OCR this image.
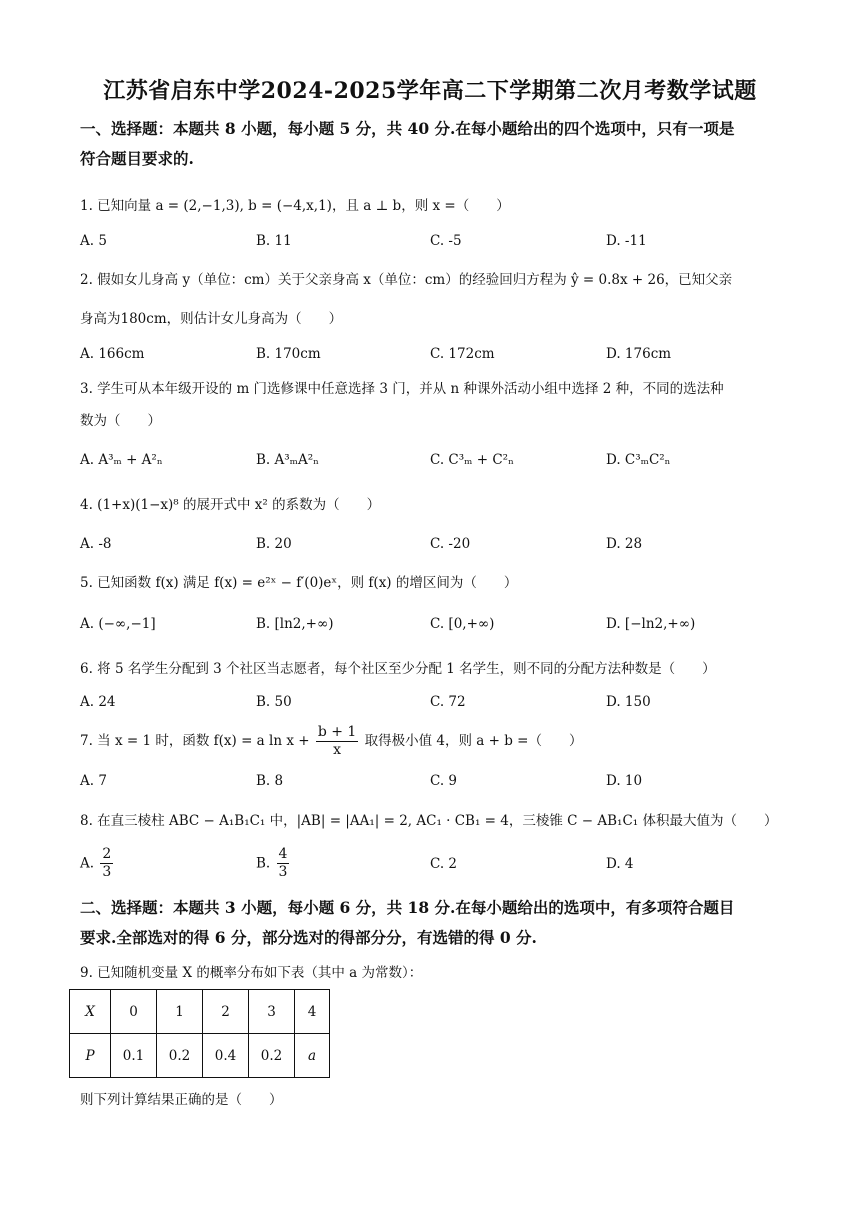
江苏省启东中学2024-2025学年高二下学期第二次月考数学试题
一、选择题：本题共 8 小题，每小题 5 分，共 40 分.在每小题给出的四个选项中，只有一项是
符合题目要求的.
1. 已知向量 a = (2,−1,3), b = (−4,x,1)，且 a ⊥ b，则 x =（　　）
A. 5	B. 11	C. -5	D. -11
2. 假如女儿身高 y（单位：cm）关于父亲身高 x（单位：cm）的经验回归方程为 ŷ = 0.8x + 26，已知父亲
身高为180cm，则估计女儿身高为（　　）
A. 166cm	B. 170cm	C. 172cm	D. 176cm
3. 学生可从本年级开设的 m 门选修课中任意选择 3 门，并从 n 种课外活动小组中选择 2 种，不同的选法种
数为（　　）
A. A³ₘ + A²ₙ	B. A³ₘA²ₙ	C. C³ₘ + C²ₙ	D. C³ₘC²ₙ
4. (1+x)(1−x)⁸ 的展开式中 x² 的系数为（　　）
A. -8	B. 20	C. -20	D. 28
5. 已知函数 f(x) 满足 f(x) = e²ˣ − f′(0)eˣ，则 f(x) 的增区间为（　　）
A. (−∞,−1]	B. [ln2,+∞)	C. [0,+∞)	D. [−ln2,+∞)
6. 将 5 名学生分配到 3 个社区当志愿者，每个社区至少分配 1 名学生，则不同的分配方法种数是（　　）
A. 24	B. 50	C. 72	D. 150
7. 当 x = 1 时，函数 f(x) = a $\ln x + \frac{b + 1}{x}$ 取得极小值 4，则 a + b =（　　）
A. 7	B. 8	C. 9	D. 10
8. 在直三棱柱 ABC − A₁B₁C₁ 中，|AB| = |AA₁| = 2, AC₁ · CB₁ = 4，三棱锥 C − AB₁C₁ 体积最大值为（　　）
A. $\frac{2}{3}$	B. $\frac{4}{3}$	C. 2	D. 4
二、选择题：本题共 3 小题，每小题 6 分，共 18 分.在每小题给出的选项中，有多项符合题目
要求.全部选对的得 6 分，部分选对的得部分分，有选错的得 0 分.
9. 已知随机变量 X 的概率分布如下表（其中 a 为常数）：
X	0	1	2	3	4
P	0.1	0.2	0.4	0.2	a
则下列计算结果正确的是（　　）
